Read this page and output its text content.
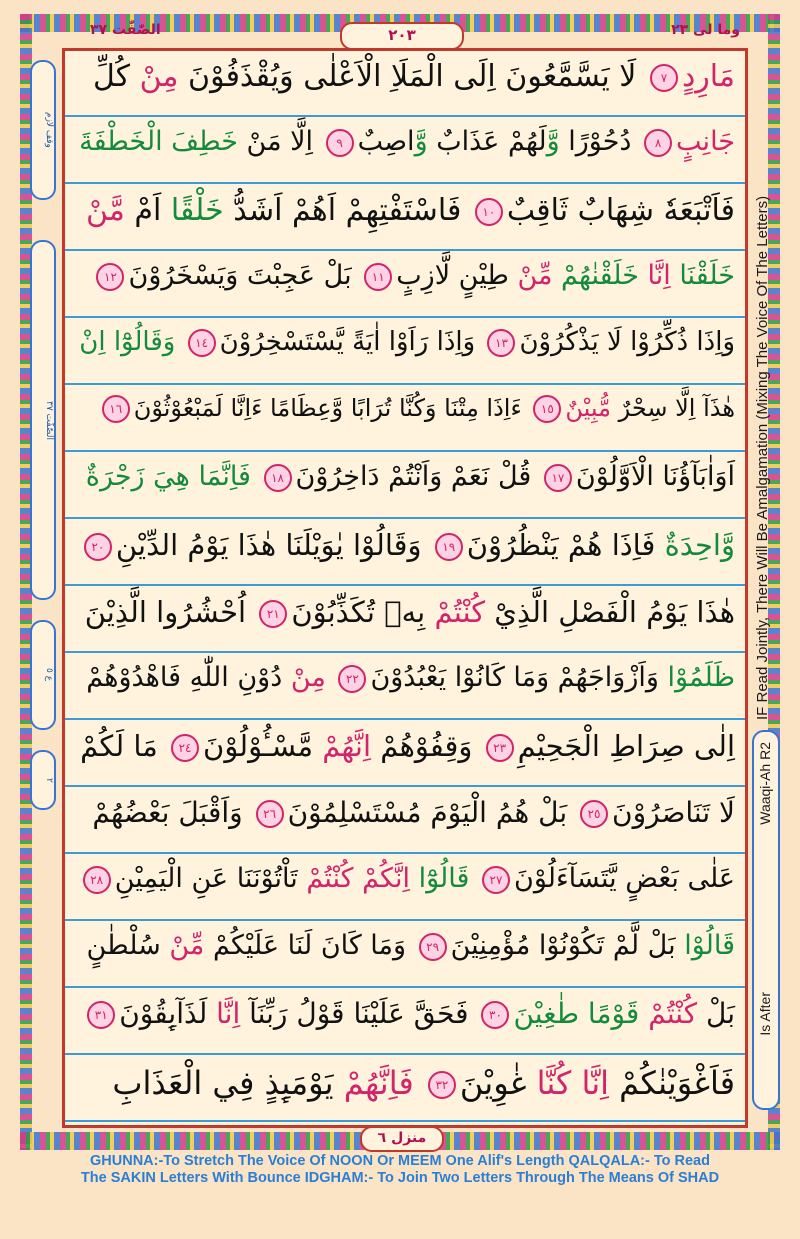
الصّٰفّٰت ۳۷	۲۰۳	وما لی ۲۳
وقف لازم
الصّٰفّٰت ۳۷
ع ٥
٢
مَارِدٍ٧ لَا يَسَّمَّعُونَ اِلَى الْمَلَاِ الْاَعْلٰى وَيُقْذَفُوْنَ مِنْ كُلِّ
جَانِبٍ٨ دُحُوْرًا وَّلَهُمْ عَذَابٌ وَّاصِبٌ٩ اِلَّا مَنْ خَطِفَ الْخَطْفَةَ
فَاَتْبَعَهٗ شِهَابٌ ثَاقِبٌ١٠ فَاسْتَفْتِهِمْ اَهُمْ اَشَدُّ خَلْقًا اَمْ مَّنْ
خَلَقْنَا اِنَّا خَلَقْنٰهُمْ مِّنْ طِيْنٍ لَّازِبٍ١١ بَلْ عَجِبْتَ وَيَسْخَرُوْنَ١٢
وَاِذَا ذُكِّرُوْا لَا يَذْكُرُوْنَ١٣ وَاِذَا رَاَوْا اٰيَةً يَّسْتَسْخِرُوْنَ١٤ وَقَالُوْٓا اِنْ
هٰذَآ اِلَّا سِحْرٌ مُّبِيْنٌ١٥ ءَاِذَا مِتْنَا وَكُنَّا تُرَابًا وَّعِظَامًا ءَاِنَّا لَمَبْعُوْثُوْنَ١٦
اَوَاٰبَآؤُنَا الْاَوَّلُوْنَ١٧ قُلْ نَعَمْ وَاَنْتُمْ دَاخِرُوْنَ١٨ فَاِنَّمَا هِيَ زَجْرَةٌ
وَّاحِدَةٌ فَاِذَا هُمْ يَنْظُرُوْنَ١٩ وَقَالُوْا يٰوَيْلَنَا هٰذَا يَوْمُ الدِّيْنِ٢٠
هٰذَا يَوْمُ الْفَصْلِ الَّذِيْ كُنْتُمْ بِهٖ تُكَذِّبُوْنَ٢١ اُحْشُرُوا الَّذِيْنَ
ظَلَمُوْا وَاَزْوَاجَهُمْ وَمَا كَانُوْا يَعْبُدُوْنَ٢٢ مِنْ دُوْنِ اللّٰهِ فَاهْدُوْهُمْ
اِلٰى صِرَاطِ الْجَحِيْمِ٢٣ وَقِفُوْهُمْ اِنَّهُمْ مَّسْـُٔوْلُوْنَ٢٤ مَا لَكُمْ
لَا تَنَاصَرُوْنَ٢٥ بَلْ هُمُ الْيَوْمَ مُسْتَسْلِمُوْنَ٢٦ وَاَقْبَلَ بَعْضُهُمْ
عَلٰى بَعْضٍ يَّتَسَآءَلُوْنَ٢٧ قَالُوْٓا اِنَّكُمْ كُنْتُمْ تَاْتُوْنَنَا عَنِ الْيَمِيْنِ٢٨
قَالُوْا بَلْ لَّمْ تَكُوْنُوْا مُؤْمِنِيْنَ٢٩ وَمَا كَانَ لَنَا عَلَيْكُمْ مِّنْ سُلْطٰنٍ
بَلْ كُنْتُمْ قَوْمًا طٰغِيْنَ٣٠ فَحَقَّ عَلَيْنَا قَوْلُ رَبِّنَآ اِنَّا لَذَآىِٕقُوْنَ٣١
فَاَغْوَيْنٰكُمْ اِنَّا كُنَّا غٰوِيْنَ٣٢ فَاِنَّهُمْ يَوْمَىِٕذٍ فِي الْعَذَابِ
IF Read Jointly, There Will Be Amalgamation (Mixing The Voice Of The Letters)
Waaqi-Ah R2
Is After
منزل ٦
GHUNNA:-To Stretch The Voice Of NOON Or MEEM One Alif's Length QALQALA:- To Read
The SAKIN Letters With Bounce IDGHAM:- To Join Two Letters Through The Means Of SHAD
